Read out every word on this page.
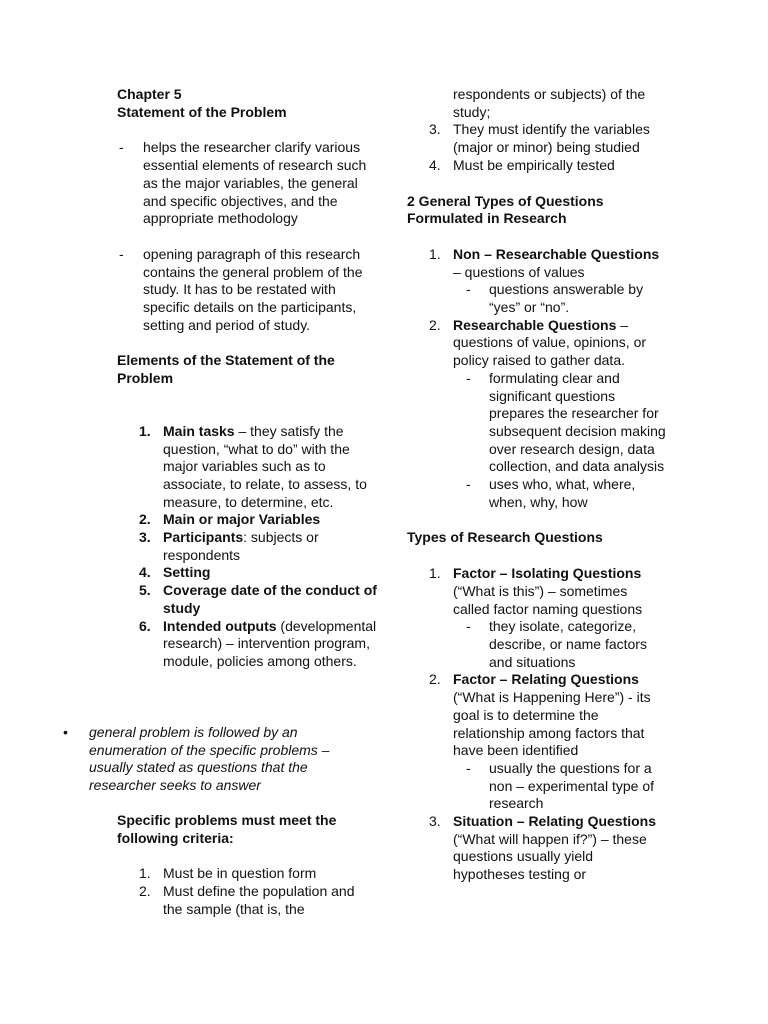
Chapter 5
Statement of the Problem
- helps the researcher clarify various essential elements of research such as the major variables, the general and specific objectives, and the appropriate methodology
- opening paragraph of this research contains the general problem of the study. It has to be restated with specific details on the participants, setting and period of study.
Elements of the Statement of the Problem
1. Main tasks – they satisfy the question, “what to do” with the major variables such as to associate, to relate, to assess, to measure, to determine, etc.
2. Main or major Variables
3. Participants: subjects or respondents
4. Setting
5. Coverage date of the conduct of study
6. Intended outputs (developmental research) – intervention program, module, policies among others.
• general problem is followed by an enumeration of the specific problems – usually stated as questions that the researcher seeks to answer
Specific problems must meet the following criteria:
1. Must be in question form
2. Must define the population and the sample (that is, the
respondents or subjects) of the study;
3. They must identify the variables (major or minor) being studied
4. Must be empirically tested
2 General Types of Questions Formulated in Research
1. Non – Researchable Questions – questions of values
- questions answerable by “yes” or “no”.
2. Researchable Questions – questions of value, opinions, or policy raised to gather data.
- formulating clear and significant questions prepares the researcher for subsequent decision making over research design, data collection, and data analysis
- uses who, what, where, when, why, how
Types of Research Questions
1. Factor – Isolating Questions (“What is this”) – sometimes called factor naming questions
- they isolate, categorize, describe, or name factors and situations
2. Factor – Relating Questions (“What is Happening Here”) - its goal is to determine the relationship among factors that have been identified
- usually the questions for a non – experimental type of research
3. Situation – Relating Questions (“What will happen if?”) – these questions usually yield hypotheses testing or
